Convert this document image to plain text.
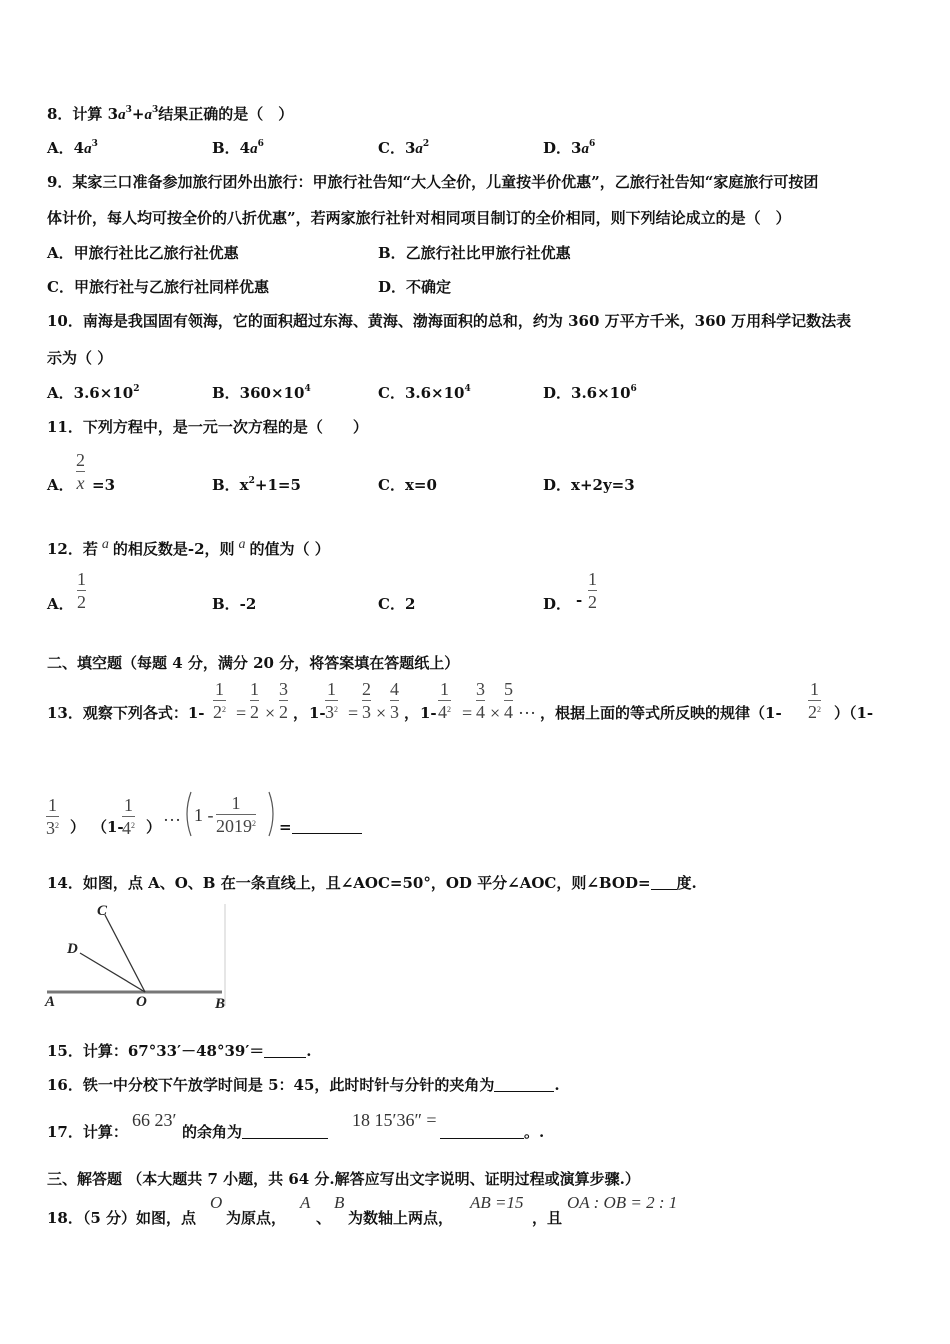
8．计算 $3a^3+a^3$结果正确的是（　）
A．$4a^3$	B．$4a^6$	C．$3a^2$	D．$3a^6$
9．某家三口准备参加旅行团外出旅行：甲旅行社告知“大人全价，儿童按半价优惠”，乙旅行社告知“家庭旅行可按团
体计价，每人均可按全价的八折优惠”，若两家旅行社针对相同项目制订的全价相同，则下列结论成立的是（　）
A．甲旅行社比乙旅行社优惠	B．乙旅行社比甲旅行社优惠
C．甲旅行社与乙旅行社同样优惠	D．不确定
10．南海是我国固有领海，它的面积超过东海、黄海、渤海面积的总和，约为 360 万平方千米，360 万用科学记数法表
示为（ ）
A．$3.6\times 10^2$	B．$360\times 10^4$	C．$3.6\times 10^4$	D．$3.6\times 10^6$
11．下列方程中，是一元一次方程的是（　　）
A．
2
x =3	B．$x^2+1=5$	C．x=0	D．x+2y=3
12．若 a 的相反数是-2，则 a 的值为（ ）
A．
1
2	B．-2	C．2	D． -
1
2
二、填空题（每题 4 分，满分 20 分，将答案填在答题纸上）
13．观察下列各式：1-
1
$2^2$ =
1
2 ×
3
2 ， 1-
1
$3^2$ =
2
3 ×
4
3 ， 1-
1
$4^2$ =
3
4 ×
5
4 … ，根据上面的等式所反映的规律（1-
1
$2^2$ ）（1-
1
$3^2$ ） （1-
1
$4^2$ ）
… 1 -
1
$2019^2$ =
14．如图，点 A、O、B 在一条直线上，且∠AOC=50°，OD 平分∠AOC，则∠BOD= 度.
C
D
A	O	B
15．计算：67°33′－48°39′＝	.
16．铁一中分校下午放学时间是 5：45，此时时针与分针的夹角为	.
17．计算：
66 23′
的余角为
18 15′36″ =
。.
三、解答题 （本大题共 7 小题，共 64 分.解答应写出文字说明、证明过程或演算步骤.）
18．（5 分）如图，点
O
为原点，
A
、
B
为数轴上两点，
AB =15
，且
OA : OB = 2 : 1
